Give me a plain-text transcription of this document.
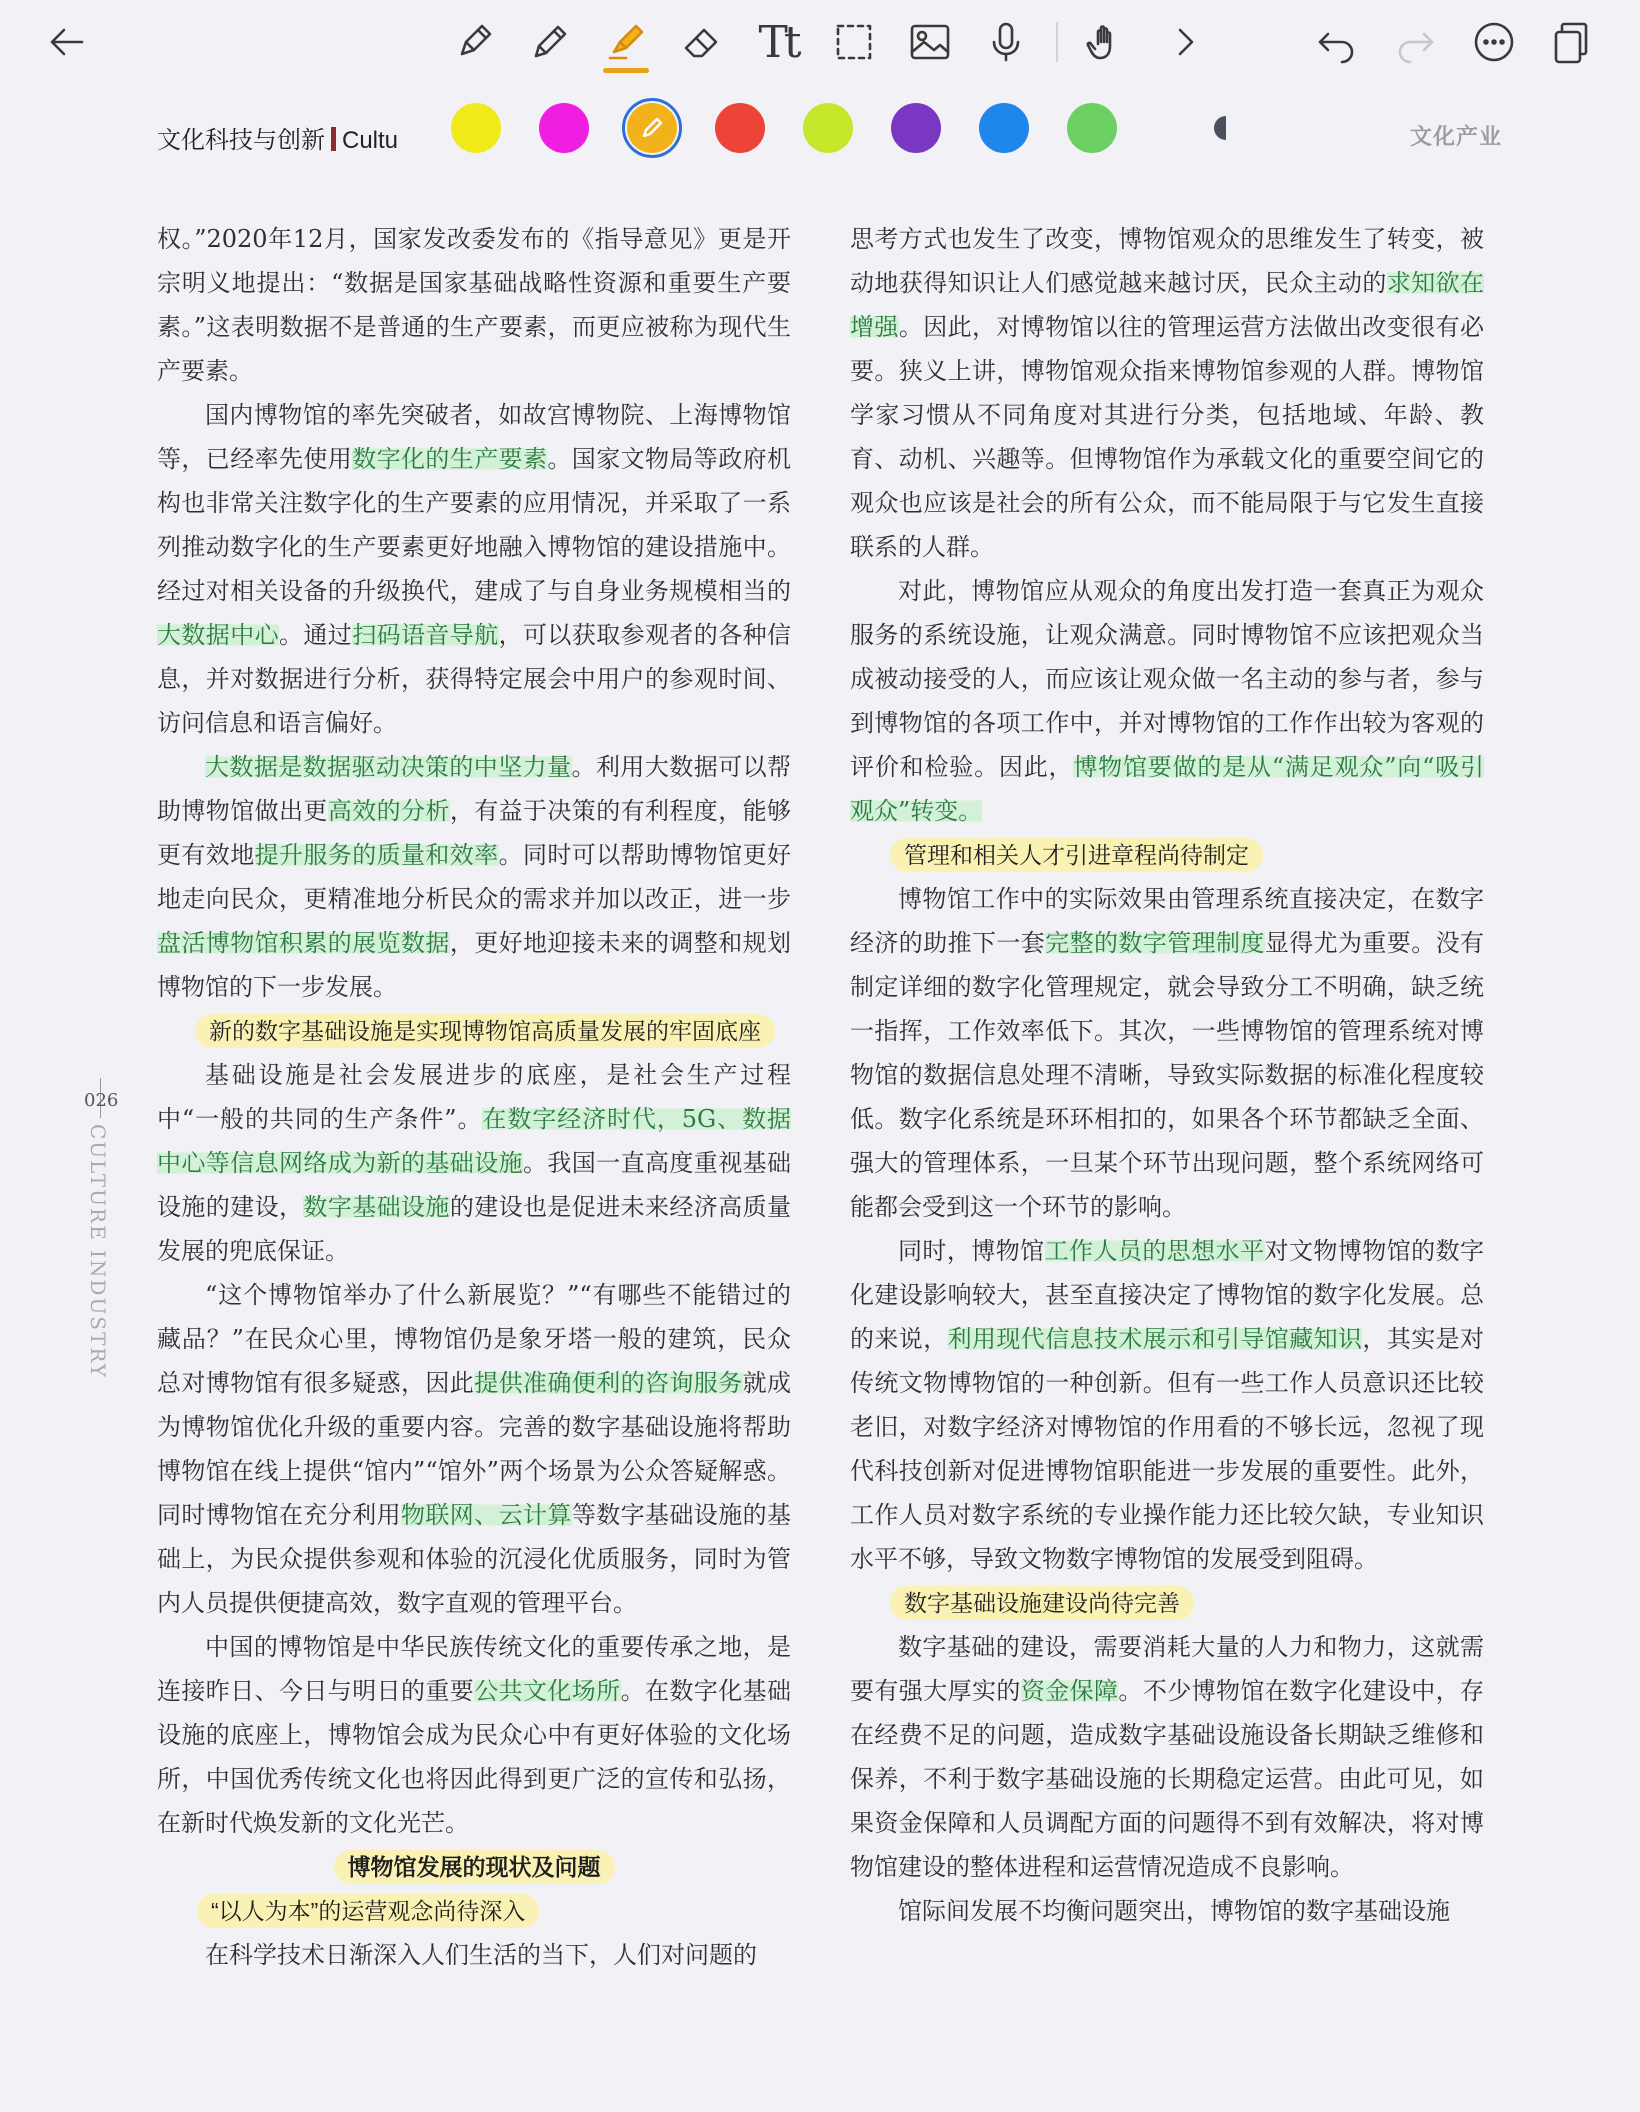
Tt
文化科技与创新 Cultu	文化产业
026
CULTURE INDUSTRY

权。”2020年12月，国家发改委发布的《指导意见》更是开宗明义地提出：“数据是国家基础战略性资源和重要生产要素。”这表明数据不是普通的生产要素，而更应被称为现代生产要素。

国内博物馆的率先突破者，如故宫博物院、上海博物馆等，已经率先使用数字化的生产要素。国家文物局等政府机构也非常关注数字化的生产要素的应用情况，并采取了一系列推动数字化的生产要素更好地融入博物馆的建设措施中。经过对相关设备的升级换代，建成了与自身业务规模相当的大数据中心。通过扫码语音导航，可以获取参观者的各种信息，并对数据进行分析，获得特定展会中用户的参观时间、访问信息和语言偏好。

大数据是数据驱动决策的中坚力量。利用大数据可以帮助博物馆做出更高效的分析，有益于决策的有利程度，能够更有效地提升服务的质量和效率。同时可以帮助博物馆更好地走向民众，更精准地分析民众的需求并加以改正，进一步盘活博物馆积累的展览数据，更好地迎接未来的调整和规划博物馆的下一步发展。

新的数字基础设施是实现博物馆高质量发展的牢固底座

基础设施是社会发展进步的底座，是社会生产过程中“一般的共同的生产条件”。在数字经济时代，5G、数据中心等信息网络成为新的基础设施。我国一直高度重视基础设施的建设，数字基础设施的建设也是促进未来经济高质量发展的兜底保证。

“这个博物馆举办了什么新展览？”“有哪些不能错过的藏品？”在民众心里，博物馆仍是象牙塔一般的建筑，民众总对博物馆有很多疑惑，因此提供准确便利的咨询服务就成为博物馆优化升级的重要内容。完善的数字基础设施将帮助博物馆在线上提供“馆内”“馆外”两个场景为公众答疑解惑。同时博物馆在充分利用物联网、云计算等数字基础设施的基础上，为民众提供参观和体验的沉浸化优质服务，同时为管内人员提供便捷高效，数字直观的管理平台。

中国的博物馆是中华民族传统文化的重要传承之地，是连接昨日、今日与明日的重要公共文化场所。在数字化基础设施的底座上，博物馆会成为民众心中有更好体验的文化场所，中国优秀传统文化也将因此得到更广泛的宣传和弘扬，在新时代焕发新的文化光芒。

博物馆发展的现状及问题

“以人为本”的运营观念尚待深入

在科学技术日渐深入人们生活的当下，人们对问题的

思考方式也发生了改变，博物馆观众的思维发生了转变，被动地获得知识让人们感觉越来越讨厌，民众主动的求知欲在增强。因此，对博物馆以往的管理运营方法做出改变很有必要。狭义上讲，博物馆观众指来博物馆参观的人群。博物馆学家习惯从不同角度对其进行分类，包括地域、年龄、教育、动机、兴趣等。但博物馆作为承载文化的重要空间它的观众也应该是社会的所有公众，而不能局限于与它发生直接联系的人群。

对此，博物馆应从观众的角度出发打造一套真正为观众服务的系统设施，让观众满意。同时博物馆不应该把观众当成被动接受的人，而应该让观众做一名主动的参与者，参与到博物馆的各项工作中，并对博物馆的工作作出较为客观的评价和检验。因此，博物馆要做的是从“满足观众”向“吸引观众”转变。

管理和相关人才引进章程尚待制定

博物馆工作中的实际效果由管理系统直接决定，在数字经济的助推下一套完整的数字管理制度显得尤为重要。没有制定详细的数字化管理规定，就会导致分工不明确，缺乏统一指挥，工作效率低下。其次，一些博物馆的管理系统对博物馆的数据信息处理不清晰，导致实际数据的标准化程度较低。数字化系统是环环相扣的，如果各个环节都缺乏全面、强大的管理体系，一旦某个环节出现问题，整个系统网络可能都会受到这一个环节的影响。

同时，博物馆工作人员的思想水平对文物博物馆的数字化建设影响较大，甚至直接决定了博物馆的数字化发展。总的来说，利用现代信息技术展示和引导馆藏知识，其实是对传统文物博物馆的一种创新。但有一些工作人员意识还比较老旧，对数字经济对博物馆的作用看的不够长远，忽视了现代科技创新对促进博物馆职能进一步发展的重要性。此外，工作人员对数字系统的专业操作能力还比较欠缺，专业知识水平不够，导致文物数字博物馆的发展受到阻碍。

数字基础设施建设尚待完善

数字基础的建设，需要消耗大量的人力和物力，这就需要有强大厚实的资金保障。不少博物馆在数字化建设中，存在经费不足的问题，造成数字基础设施设备长期缺乏维修和保养，不利于数字基础设施的长期稳定运营。由此可见，如果资金保障和人员调配方面的问题得不到有效解决，将对博物馆建设的整体进程和运营情况造成不良影响。

馆际间发展不均衡问题突出，博物馆的数字基础设施
